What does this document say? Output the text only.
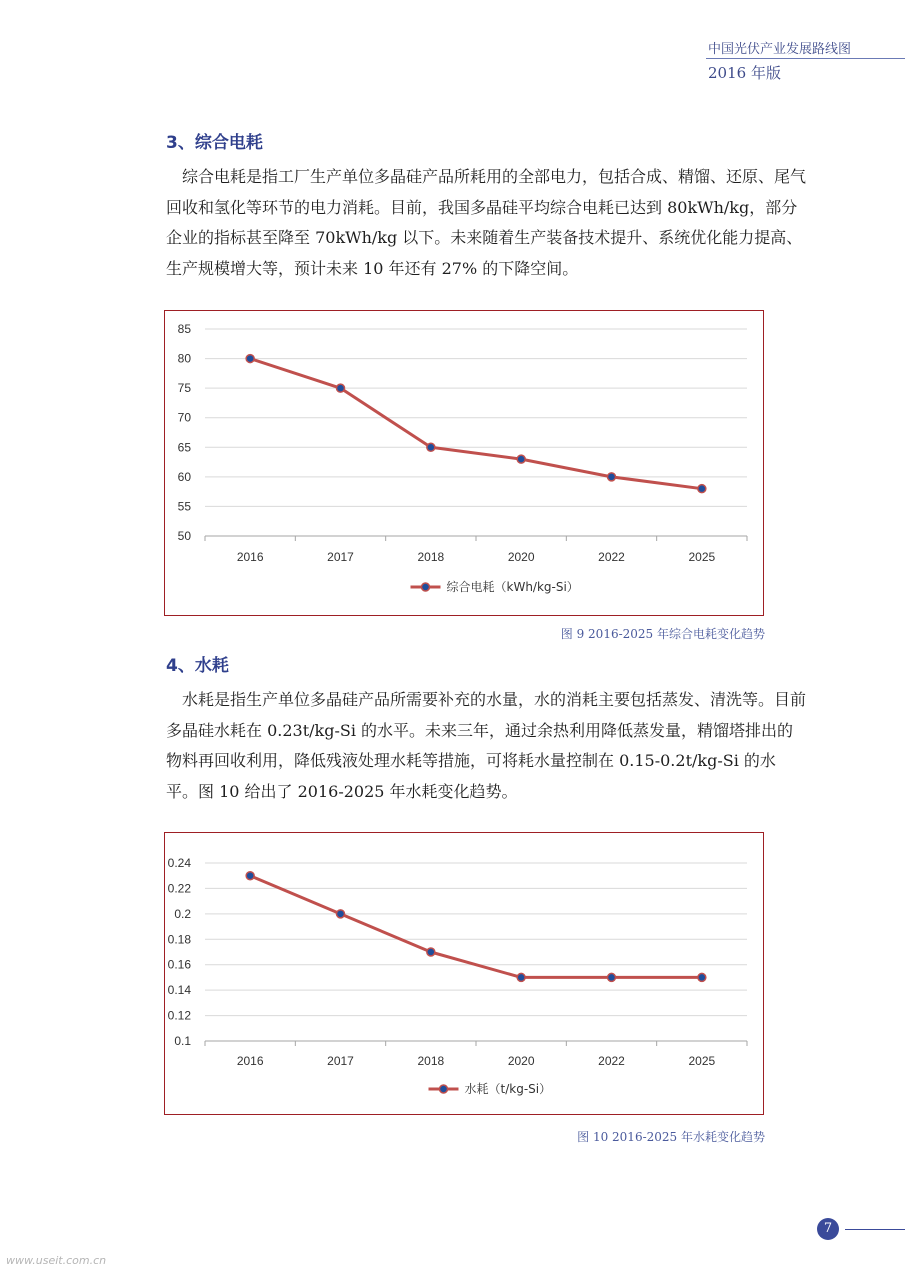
中国光伏产业发展路线图
2016 年版
3、综合电耗
综合电耗是指工厂生产单位多晶硅产品所耗用的全部电力，包括合成、精馏、还原、尾气回收和氢化等环节的电力消耗。目前，我国多晶硅平均综合电耗已达到 80kWh/kg，部分企业的指标甚至降至 70kWh/kg 以下。未来随着生产装备技术提升、系统优化能力提高、生产规模增大等，预计未来 10 年还有 27% 的下降空间。
50
55
60
65
70
75
80
85
2016	2017	2018	2020	2022	2025
综合电耗（kWh/kg-Si）
图 9 2016-2025 年综合电耗变化趋势
4、水耗
水耗是指生产单位多晶硅产品所需要补充的水量，水的消耗主要包括蒸发、清洗等。目前多晶硅水耗在 0.23t/kg-Si 的水平。未来三年，通过余热利用降低蒸发量，精馏塔排出的物料再回收利用，降低残液处理水耗等措施，可将耗水量控制在 0.15-0.2t/kg-Si 的水平。图 10 给出了 2016-2025 年水耗变化趋势。
0.1
0.12
0.14
0.16
0.18
0.2
0.22
0.24
2016	2017	2018	2020	2022	2025
水耗（t/kg-Si）
图 10 2016-2025 年水耗变化趋势
7
www.useit.com.cn
